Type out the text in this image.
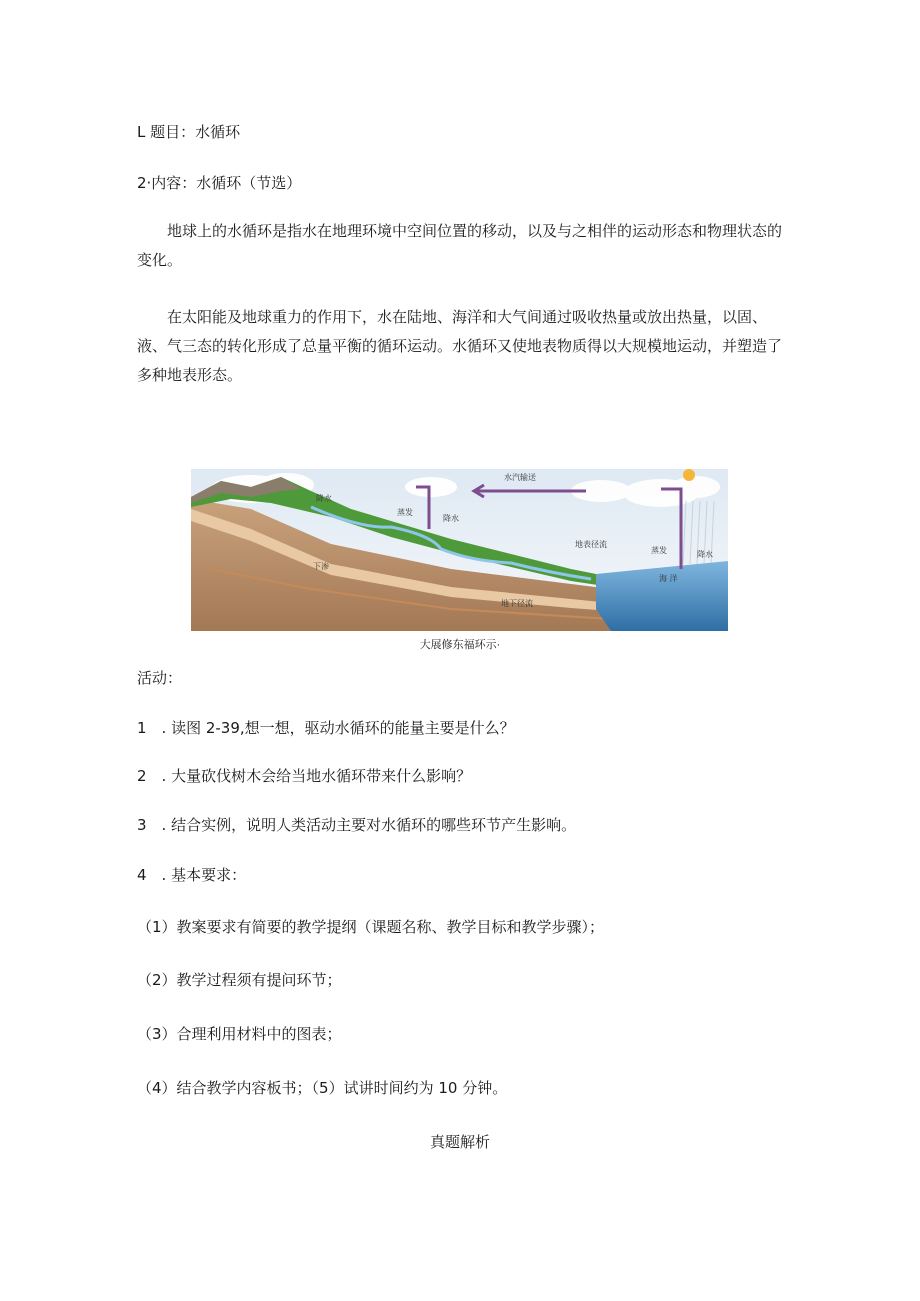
L 题目：水循环
2·内容：水循环（节选）
地球上的水循环是指水在地理环境中空间位置的移动，以及与之相伴的运动形态和物理状态的变化。
在太阳能及地球重力的作用下，水在陆地、海洋和大气间通过吸收热量或放出热量，以固、液、气三态的转化形成了总量平衡的循环运动。水循环又使地表物质得以大规模地运动，并塑造了多种地表形态。
降水
水汽输送
蒸发
降水
地表径流
蒸发	降水
海 洋
下渗
地下径流
大展修东福环示·
活动：
1　. 读图 2-39,想一想，驱动水循环的能量主要是什么？
2　. 大量砍伐树木会给当地水循环带来什么影响？
3　. 结合实例，说明人类活动主要对水循环的哪些环节产生影响。
4　. 基本要求：
（1）教案要求有简要的教学提纲（课题名称、教学目标和教学步骤）；
（2）教学过程须有提问环节；
（3）合理利用材料中的图表；
（4）结合教学内容板书；（5）试讲时间约为 10 分钟。
真题解析
